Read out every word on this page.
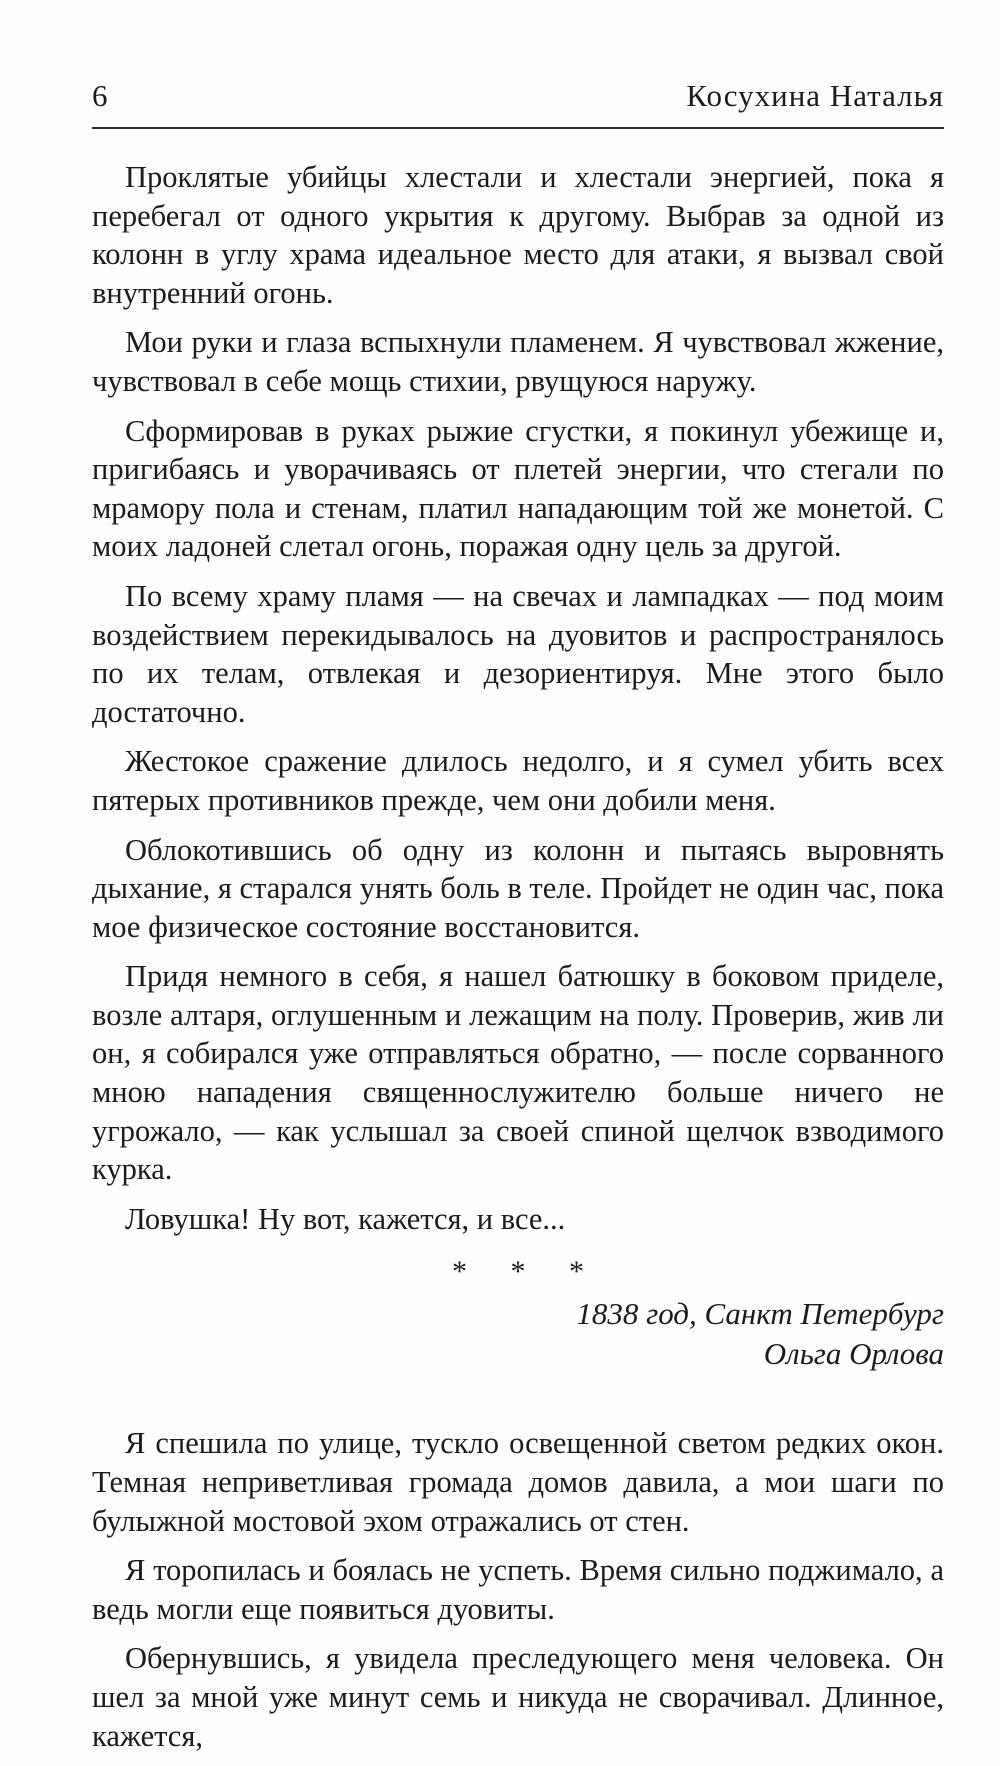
6	Косухина Наталья

Проклятые убийцы хлестали и хлестали энергией, пока я перебегал от одного укрытия к другому. Выбрав за одной из колонн в углу храма идеальное место для атаки, я вызвал свой внутренний огонь.

Мои руки и глаза вспыхнули пламенем. Я чувствовал жжение, чувствовал в себе мощь стихии, рвущуюся наружу.

Сформировав в руках рыжие сгустки, я покинул убежище и, пригибаясь и уворачиваясь от плетей энергии, что стегали по мрамору пола и стенам, платил нападающим той же монетой. С моих ладоней слетал огонь, поражая одну цель за другой.

По всему храму пламя — на свечах и лампадках — под моим воздействием перекидывалось на дуовитов и распространялось по их телам, отвлекая и дезориентируя. Мне этого было достаточно.

Жестокое сражение длилось недолго, и я сумел убить всех пятерых противников прежде, чем они добили меня.

Облокотившись об одну из колонн и пытаясь выровнять дыхание, я старался унять боль в теле. Пройдет не один час, пока мое физическое состояние восстановится.

Придя немного в себя, я нашел батюшку в боковом приделе, возле алтаря, оглушенным и лежащим на полу. Проверив, жив ли он, я собирался уже отправляться обратно, — после сорванного мною нападения священнослужителю больше ничего не угрожало, — как услышал за своей спиной щелчок взводимого курка.

Ловушка! Ну вот, кажется, и все...

* * *
1838 год, Санкт Петербург
Ольга Орлова

Я спешила по улице, тускло освещенной светом редких окон. Темная неприветливая громада домов давила, а мои шаги по булыжной мостовой эхом отражались от стен.

Я торопилась и боялась не успеть. Время сильно поджимало, а ведь могли еще появиться дуовиты.

Обернувшись, я увидела преследующего меня человека. Он шел за мной уже минут семь и никуда не сворачивал. Длинное, кажется,
